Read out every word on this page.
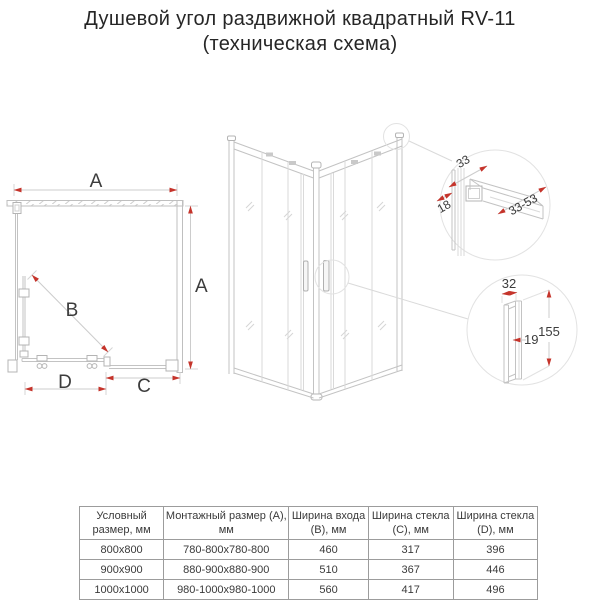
Душевой угол раздвижной квадратный RV-11
(техническая схема)
A
A
B
D	C
33
18	33-53
32
19
155
Условный размер, мм	Монтажный размер (А), мм	Ширина входа (B), мм	Ширина стекла (C), мм	Ширина стекла (D), мм
800x800	780-800x780-800	460	317	396
900x900	880-900x880-900	510	367	446
1000x1000	980-1000x980-1000	560	417	496
